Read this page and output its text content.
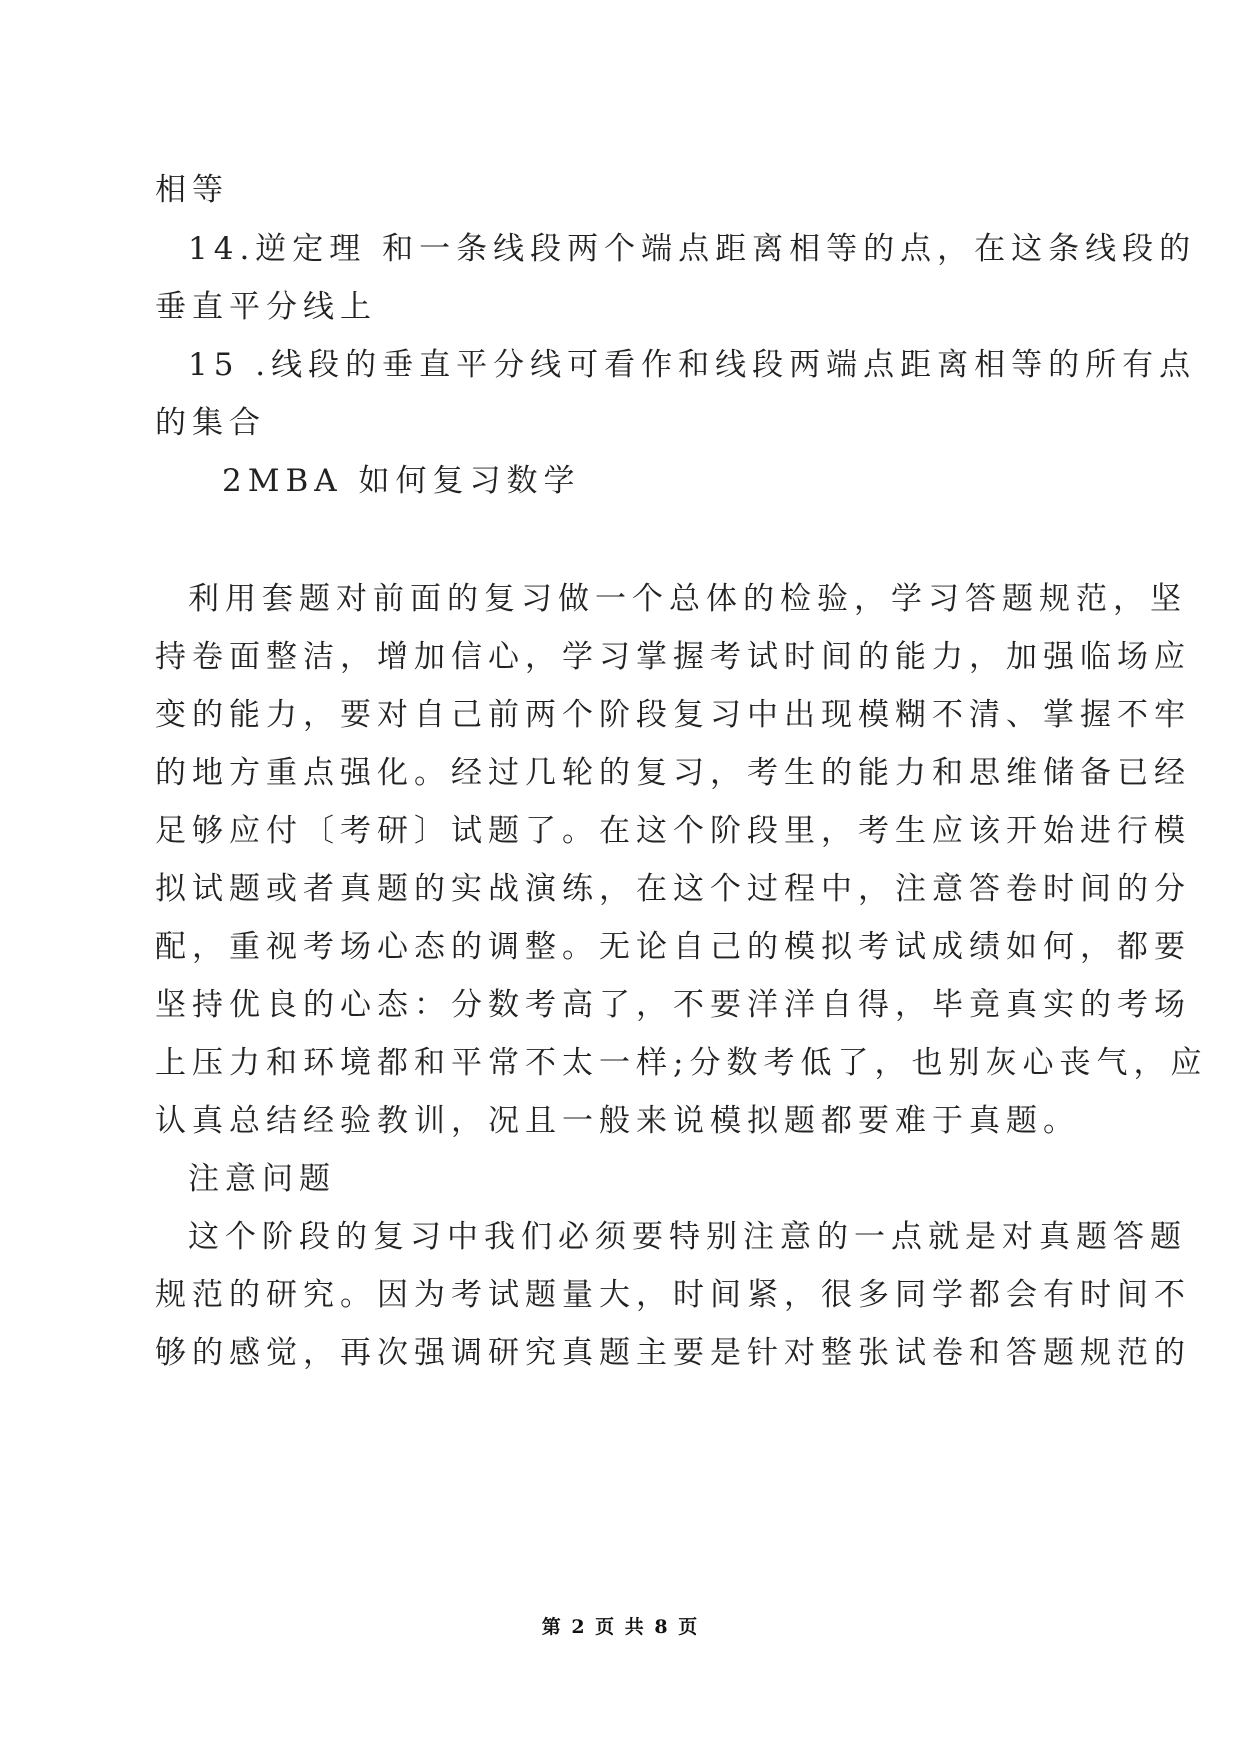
相等
14.逆定理 和一条线段两个端点距离相等的点，在这条线段的
垂直平分线上
15 .线段的垂直平分线可看作和线段两端点距离相等的所有点
的集合
2MBA 如何复习数学
利用套题对前面的复习做一个总体的检验，学习答题规范，坚
持卷面整洁，增加信心，学习掌握考试时间的能力，加强临场应
变的能力，要对自己前两个阶段复习中出现模糊不清、掌握不牢
的地方重点强化。经过几轮的复习，考生的能力和思维储备已经
足够应付〔考研〕试题了。在这个阶段里，考生应该开始进行模
拟试题或者真题的实战演练，在这个过程中，注意答卷时间的分
配，重视考场心态的调整。无论自己的模拟考试成绩如何，都要
坚持优良的心态：分数考高了，不要洋洋自得，毕竟真实的考场
上压力和环境都和平常不太一样;分数考低了，也别灰心丧气，应
认真总结经验教训，况且一般来说模拟题都要难于真题。
注意问题
这个阶段的复习中我们必须要特别注意的一点就是对真题答题
规范的研究。因为考试题量大，时间紧，很多同学都会有时间不
够的感觉，再次强调研究真题主要是针对整张试卷和答题规范的
第 2 页 共 8 页
